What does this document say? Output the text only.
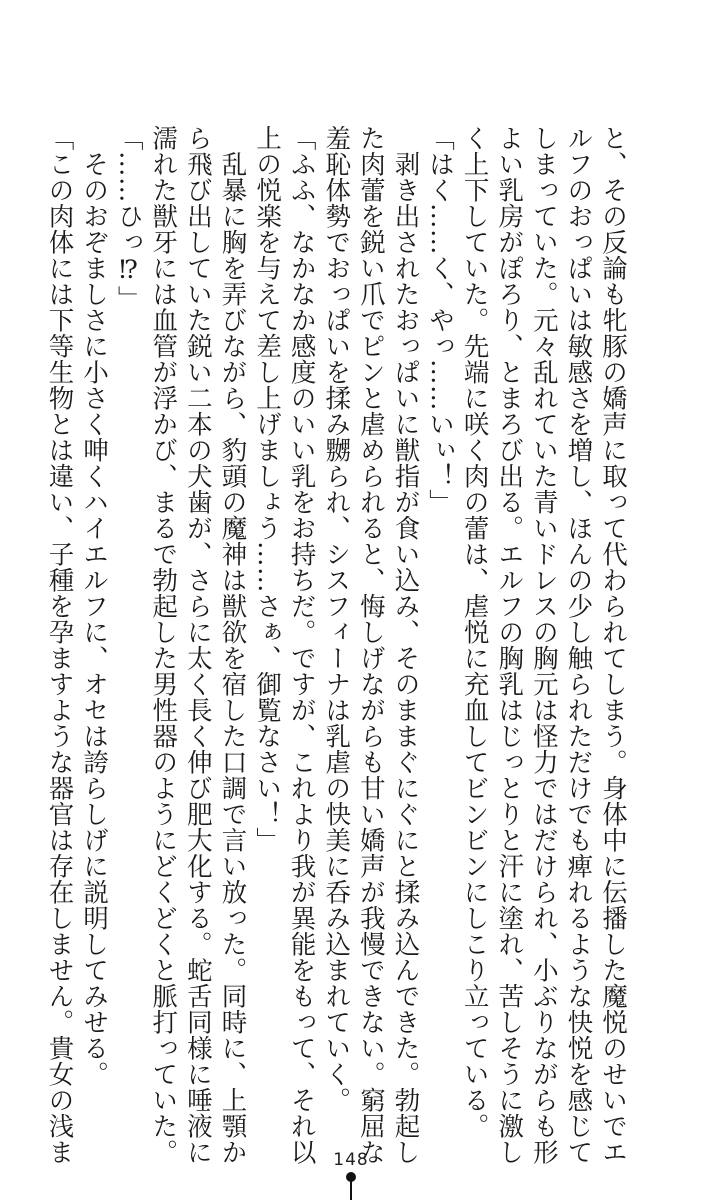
と、その反論も牝豚の嬌声に取って代わられてしまう。身体中に伝播した魔悦のせいでエ
ルフのおっぱいは敏感さを増し、ほんの少し触られただけでも痺れるような快悦を感じて
しまっていた。元々乱れていた青いドレスの胸元は怪力ではだけられ、小ぶりながらも形
よい乳房がぽろり、とまろび出る。エルフの胸乳はじっとりと汗に塗れ、苦しそうに激し
く上下していた。先端に咲く肉の蕾は、虐悦に充血してビンビンにしこり立っている。
「はく……く、やっ……いぃ！」
　剥き出されたおっぱいに獣指が食い込み、そのままぐにぐにと揉み込んできた。勃起し
た肉蕾を鋭い爪でピンと虐められると、悔しげながらも甘い嬌声が我慢できない。窮屈な
羞恥体勢でおっぱいを揉み嬲られ、シスフィーナは乳虐の快美に呑み込まれていく。
「ふふ、なかなか感度のいい乳をお持ちだ。ですが、これより我が異能をもって、それ以
上の悦楽を与えて差し上げましょう……さぁ、御覧なさい！」
　乱暴に胸を弄びながら、豹頭の魔神は獣欲を宿した口調で言い放った。同時に、上顎か
ら飛び出していた鋭い二本の犬歯が、さらに太く長く伸び肥大化する。蛇舌同様に唾液に
濡れた獣牙には血管が浮かび、まるで勃起した男性器のようにどくどくと脈打っていた。
「……ひっ⁉」
　そのおぞましさに小さく呻くハイエルフに、オセは誇らしげに説明してみせる。
「この肉体には下等生物とは違い、子種を孕ますような器官は存在しません。貴女の浅ま	148
